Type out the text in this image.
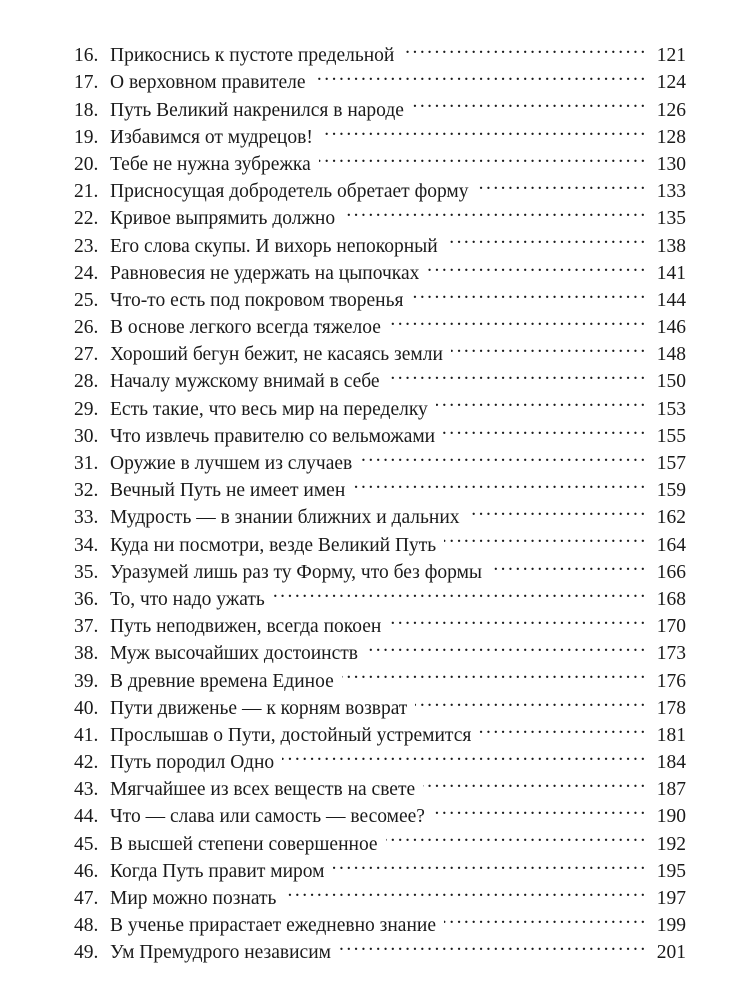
16. Прикоснись к пустоте предельной . . .	121
17. О верховном правителе . . .	124
18. Путь Великий накренился в народе . . .	126
19. Избавимся от мудрецов! . . .	128
20. Тебе не нужна зубрежка . . .	130
21. Присносущая добродетель обретает форму . . .	133
22. Кривое выпрямить должно . . .	135
23. Его слова скупы. И вихорь непокорный . . .	138
24. Равновесия не удержать на цыпочках . . .	141
25. Что-то есть под покровом творенья . . .	144
26. В основе легкого всегда тяжелое . . .	146
27. Хороший бегун бежит, не касаясь земли . . .	148
28. Началу мужскому внимай в себе . . .	150
29. Есть такие, что весь мир на переделку . . .	153
30. Что извлечь правителю со вельможами . . .	155
31. Оружие в лучшем из случаев . . .	157
32. Вечный Путь не имеет имен . . .	159
33. Мудрость — в знании ближних и дальних . . .	162
34. Куда ни посмотри, везде Великий Путь . . .	164
35. Уразумей лишь раз ту Форму, что без формы . . .	166
36. То, что надо ужать . . .	168
37. Путь неподвижен, всегда покоен . . .	170
38. Муж высочайших достоинств . . .	173
39. В древние времена Единое . . .	176
40. Пути движенье — к корням возврат . . .	178
41. Прослышав о Пути, достойный устремится . . .	181
42. Путь породил Одно . . .	184
43. Мягчайшее из всех веществ на свете . . .	187
44. Что — слава или самость — весомее? . . .	190
45. В высшей степени совершенное . . .	192
46. Когда Путь правит миром . . .	195
47. Мир можно познать . . .	197
48. В ученье прирастает ежедневно знание . . .	199
49. Ум Премудрого независим . . .	201
